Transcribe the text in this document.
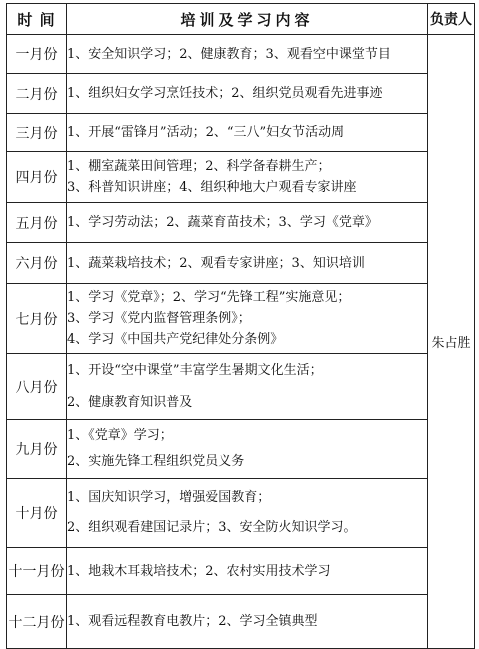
时 间	培训及学习内容	负责人
一月份	1、安全知识学习；2、健康教育；3、观看空中课堂节目	朱占胜
二月份	1、组织妇女学习烹饪技术；2、组织党员观看先进事迹	

三月份	1、开展“雷锋月”活动；2、“三八”妇女节活动周	

四月份	1、棚室蔬菜田间管理；2、科学备春耕生产；
3、科普知识讲座；4、组织种地大户观看专家讲座	

五月份	1、学习劳动法；2、蔬菜育苗技术；3、学习《党章》	

六月份	1、蔬菜栽培技术；2、观看专家讲座；3、知识培训	

七月份	1、学习《党章》；2、学习“先锋工程”实施意见；
3、学习《党内监督管理条例》；
4、学习《中国共产党纪律处分条例》	

八月份	1、开设“空中课堂”丰富学生暑期文化生活；
2、健康教育知识普及	

九月份	1、《党章》学习；
2、实施先锋工程组织党员义务	

十月份	1、国庆知识学习，增强爱国教育；
2、组织观看建国记录片；3、安全防火知识学习。	

十一月份	1、地栽木耳栽培技术；2、农村实用技术学习	

十二月份	1、观看远程教育电教片；2、学习全镇典型	
